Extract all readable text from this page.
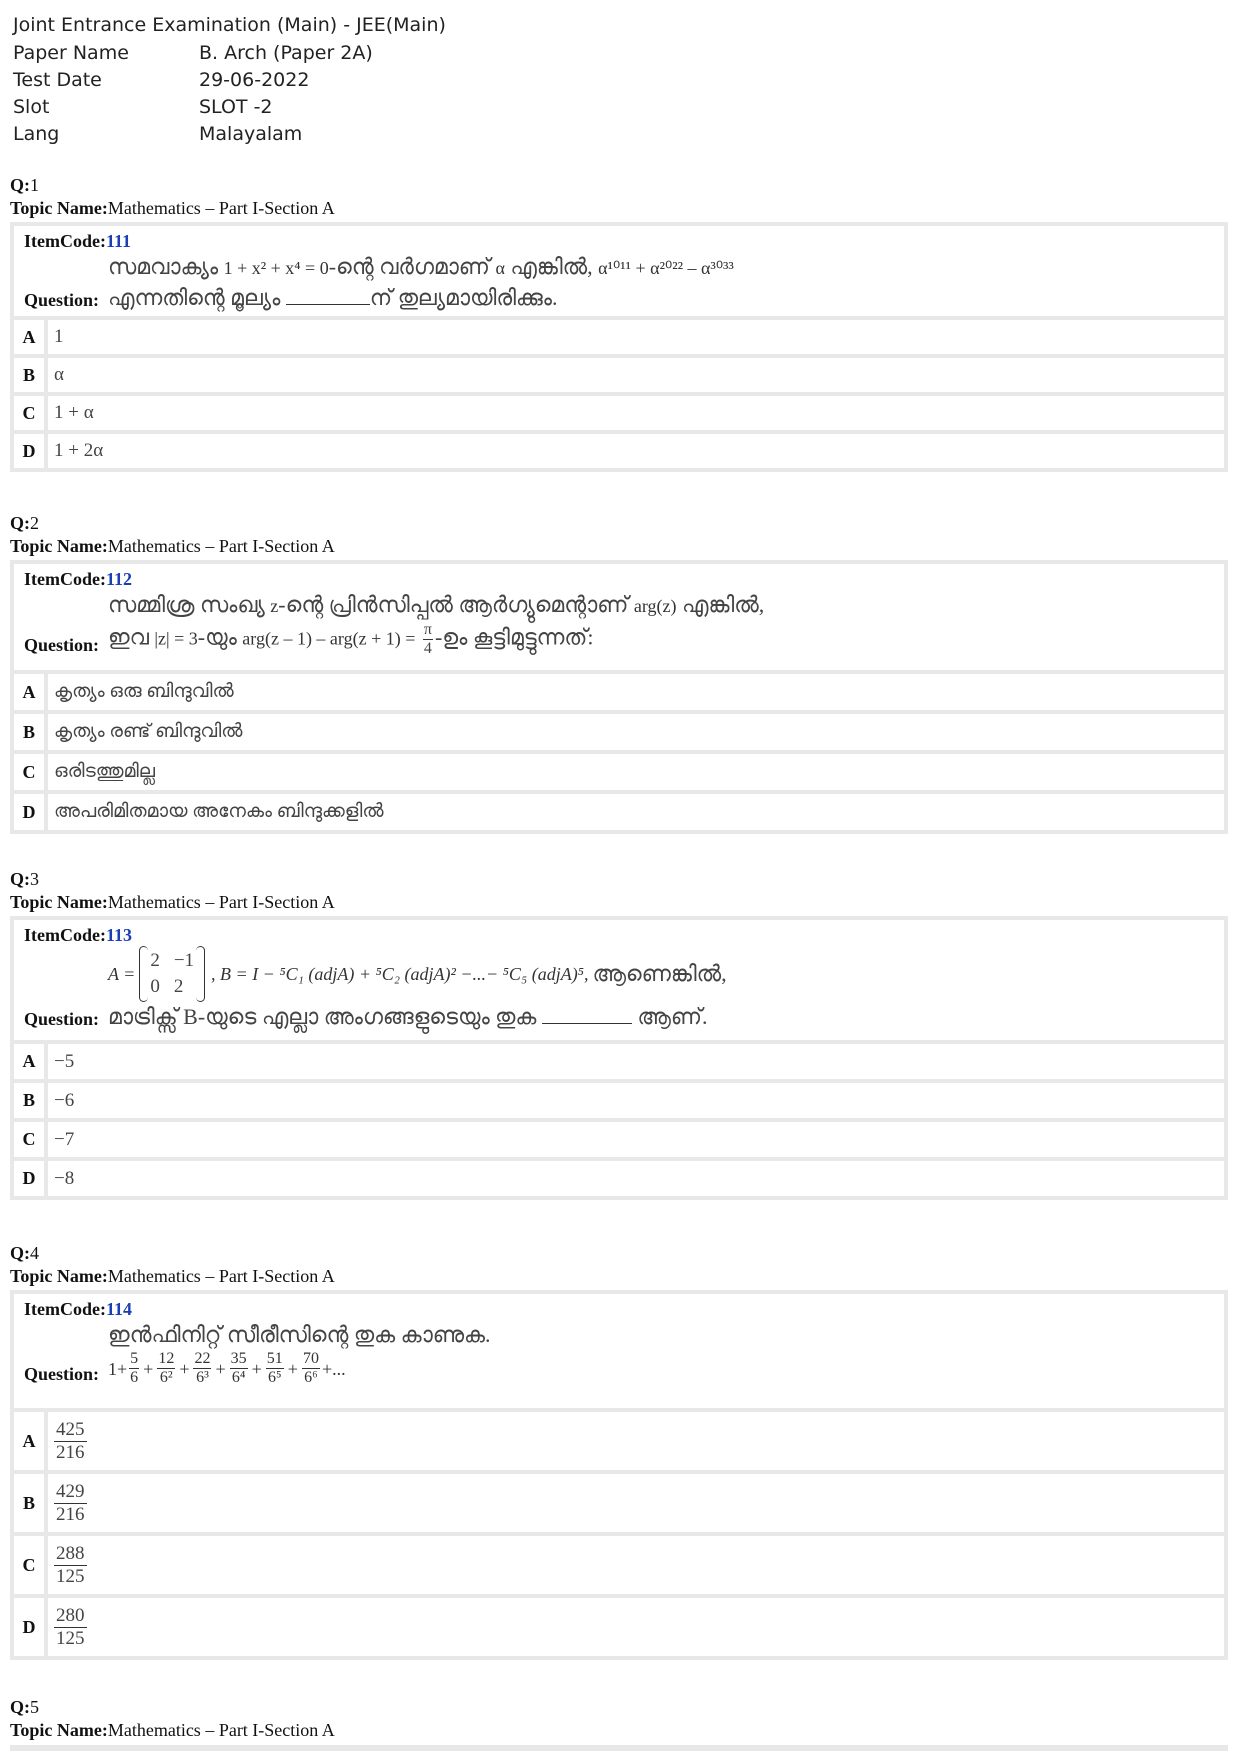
Joint Entrance Examination (Main) - JEE(Main)
Paper Name	B. Arch (Paper 2A)
Test Date	29-06-2022
Slot	SLOT -2
Lang	Malayalam
Q:1
Topic Name:Mathematics – Part I-Section A
ItemCode:111
Question:
സമവാക്യം 1 + x² + x⁴ = 0-ന്റെ വർഗമാണ് α എങ്കിൽ, α¹⁰¹¹ + α²⁰²² – α³⁰³³
എന്നതിന്റെ മൂല്യം	ന് തുല്യമായിരിക്കും.
A 1
B	α
C 1 + α
D 1 + 2α
Q:2
Topic Name:Mathematics – Part I-Section A
ItemCode:112
Question:
സമ്മിശ്ര സംഖ്യ z-ന്റെ പ്രിൻസിപ്പൽ ആർഗ്യുമെന്റാണ് arg(z) എങ്കിൽ,
ഇവ |z| = 3-യും $arg(z - 1) - arg(z + 1) = \frac{\pi}{4}$ -ഉം കൂട്ടിമുട്ടുന്നത്:
A കൃത്യം ഒരു ബിന്ദുവിൽ
B	കൃത്യം രണ്ട് ബിന്ദുവിൽ
C ഒരിടത്തുമില്ല
D അപരിമിതമായ അനേകം ബിന്ദുക്കളിൽ
Q:3
Topic Name:Mathematics – Part I-Section A
ItemCode:113
Question:
A =
2 −1
0 2
, B = I − ⁵C₁ (adjA) + ⁵C₂ (adjA)² −...− ⁵C₅ (adjA)⁵, ആണെങ്കിൽ,
മാട്രിക്സ് B-യുടെ എല്ലാ അംഗങ്ങളുടെയും തുക	ആണ്.
A −5
B	−6
C −7
D −8
Q:4
Topic Name:Mathematics – Part I-Section A
ItemCode:114
Question:
ഇൻഫിനിറ്റ് സീരീസിന്റെ തുക കാണുക.
$1+ \frac{5}{6} + \frac{12}{\text{6²}} + \frac{22}{\text{6³}} + \frac{35}{\text{6⁴}} + \frac{51}{\text{6⁵}} + \frac{70}{\text{6⁶}}$ +...
A $\frac{425}{216}$
B	$\frac{429}{216}$
C $\frac{288}{125}$
D $\frac{280}{125}$
Q:5
Topic Name:Mathematics – Part I-Section A
